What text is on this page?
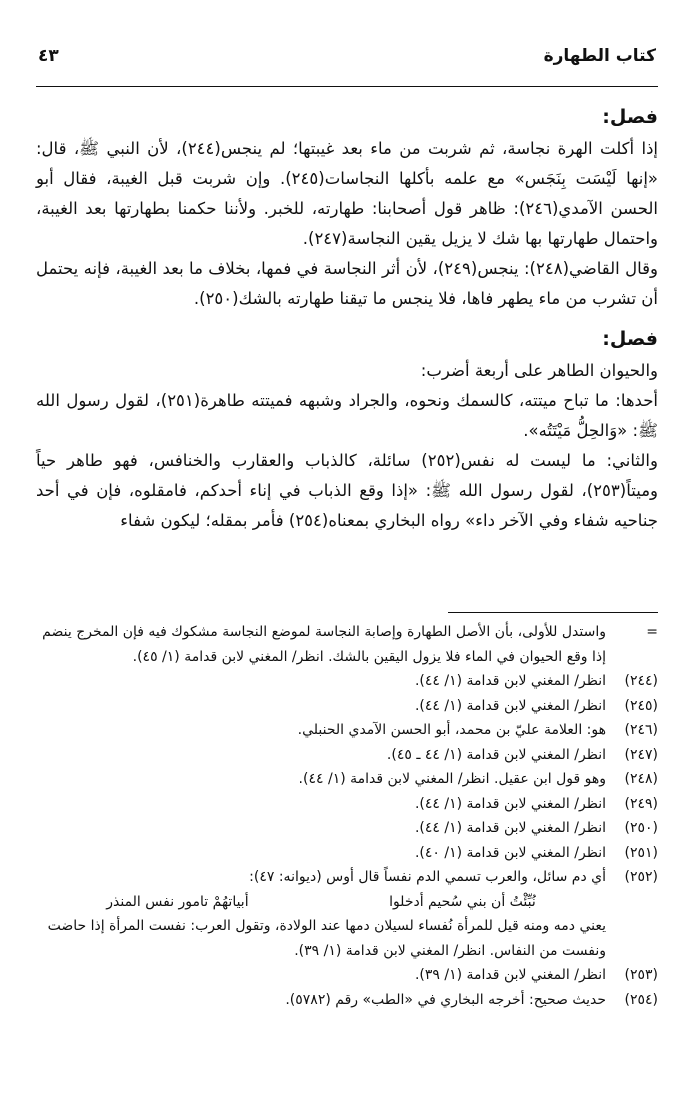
كتاب الطهارة
٤٣
فصل:

إذا أكلت الهرة نجاسة، ثم شربت من ماء بعد غيبتها؛ لم ينجس(٢٤٤)، لأن النبي ﷺ، قال: «إنها لَيْسَت بِنَجَس» مع علمه بأكلها النجاسات(٢٤٥). وإن شربت قبل الغيبة، فقال أبو الحسن الآمدي(٢٤٦): ظاهر قول أصحابنا: طهارته، للخبر. ولأننا حكمنا بطهارتها بعد الغيبة، واحتمال طهارتها بها شك لا يزيل يقين النجاسة(٢٤٧).

وقال القاضي(٢٤٨): ينجس(٢٤٩)، لأن أثر النجاسة في فمها، بخلاف ما بعد الغيبة، فإنه يحتمل أن تشرب من ماء يطهر فاها، فلا ينجس ما تيقنا طهارته بالشك(٢٥٠).

فصل:

والحيوان الطاهر على أربعة أضرب:

أحدها: ما تباح ميتته، كالسمك ونحوه، والجراد وشبهه فميتته طاهرة(٢٥١)، لقول رسول الله ﷺ: «وَالحِلُّ مَيْتَتُه».

والثاني: ما ليست له نفس(٢٥٢) سائلة، كالذباب والعقارب والخنافس، فهو طاهر حياً وميتاً(٢٥٣)، لقول رسول الله ﷺ: «إذا وقع الذباب في إناء أحدكم، فامقلوه، فإن في أحد جناحيه شفاء وفي الآخر داء» رواه البخاري بمعناه(٢٥٤) فأمر بمقله؛ ليكون شفاء

=
واستدل للأولى، بأن الأصل الطهارة وإصابة النجاسة لموضع النجاسة مشكوك فيه فإن المخرج ينضم إذا وقع الحيوان في الماء فلا يزول اليقين بالشك. انظر/ المغني لابن قدامة (١/ ٤٥).
(٢٤٤)
انظر/ المغني لابن قدامة (١/ ٤٤).
(٢٤٥)
انظر/ المغني لابن قدامة (١/ ٤٤).
(٢٤٦)
هو: العلامة عليّ بن محمد، أبو الحسن الآمدي الحنبلي.
(٢٤٧)
انظر/ المغني لابن قدامة (١/ ٤٤ ـ ٤٥).
(٢٤٨)
وهو قول ابن عقيل. انظر/ المغني لابن قدامة (١/ ٤٤).
(٢٤٩)
انظر/ المغني لابن قدامة (١/ ٤٤).
(٢٥٠)
انظر/ المغني لابن قدامة (١/ ٤٤).
(٢٥١)
انظر/ المغني لابن قدامة (١/ ٤٠).
(٢٥٢)
أي دم سائل، والعرب تسمي الدم نفساً قال أوس (ديوانه: ٤٧):
نُبِّئْتُ أن بني سُحيم أدخلوا
أبياتهُمْ تامور نفس المنذر
يعني دمه ومنه قيل للمرأة نُفساء لسيلان دمها عند الولادة، وتقول العرب: نفست المرأة إذا حاضت ونفست من النفاس. انظر/ المغني لابن قدامة (١/ ٣٩).
(٢٥٣)
انظر/ المغني لابن قدامة (١/ ٣٩).
(٢٥٤)
حديث صحيح: أخرجه البخاري في «الطب» رقم (٥٧٨٢).
